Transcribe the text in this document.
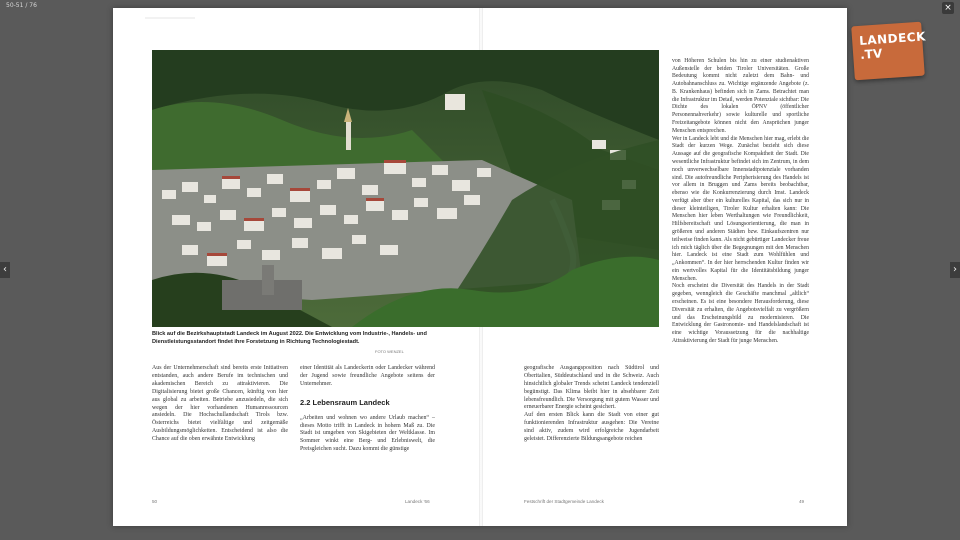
50-51 / 76	×
‹	›
Blick auf die Bezirkshauptstadt Landeck im August 2022. Die Entwicklung vom Industrie-, Handels- und Dienstleistungsstandort findet ihre Forstetzung in Richtung Technologiestadt.
FOTO WENZEL

Aus der Unternehmerschaft sind bereits erste Initiativen entstanden, auch andere Berufe im technischen und akademischen Bereich zu attraktivieren. Die Digitalisierung bietet große Chancen, künftig von hier aus global zu arbeiten. Betriebe anzusiedeln, die sich wegen der hier vorhandenen Humanressourcen ansiedeln. Die Hochschullandschaft Tirols bzw. Österreichs bietet vielfältige und zeitgemäße Ausbildungsmöglichkeiten. Entscheidend ist also die Chance auf die oben erwähnte Entwicklung

einer Identität als Landeckerin oder Landecker während der Jugend sowie freundliche Angebote seitens der Unternehmer.

2.2 Lebensraum Landeck

„Arbeiten und wohnen wo andere Urlaub machen“ – dieses Motto trifft in Landeck in hohem Maß zu. Die Stadt ist umgeben von Skigebieten der Weltklasse. Im Sommer winkt eine Berg- und Erlebniswelt, die Preisgleichen sucht. Dazu kommt die günstige

geografische Ausgangsposition nach Südtirol und Oberitalien, Süddeutschland und in die Schweiz. Auch hinsichtlich globaler Trends scheint Landeck tendenziell begünstigt. Das Klima bleibt hier in absehbarer Zeit lebensfreundlich. Die Versorgung mit gutem Wasser und erneuerbarer Energie scheint gesichert.
Auf den ersten Blick kann die Stadt von einer gut funktionierenden Infrastruktur ausgehen: Die Vereine sind aktiv, zudem wird erfolgreiche Jugendarbeit geleistet. Differenzierte Bildungsangebote reichen

von Höheren Schulen bis hin zu einer studienaktiven Außenstelle der beiden Tiroler Universitäten. Große Bedeutung kommt nicht zuletzt dem Bahn- und Autobahnanschluss zu. Wichtige ergänzende Angebote (z. B. Krankenhaus) befinden sich in Zams. Betrachtet man die Infrastruktur im Detail, werden Potenziale sichtbar: Die Dichte des lokalen ÖPNV (öffentlicher Personennahverkehr) sowie kulturelle und sportliche Freizeitangebote können nicht den Ansprüchen junger Menschen entsprechen.
Wer in Landeck lebt und die Menschen hier mag, erlebt die Stadt der kurzen Wege. Zunächst bezieht sich diese Aussage auf die geografische Kompaktheit der Stadt. Die wesentliche Infrastruktur befindet sich im Zentrum, in dem noch unverwechselbare Innenstadtpotenziale vorhanden sind. Die autofreundliche Peripherisierung des Handels ist vor allem in Bruggen und Zams bereits beobachtbar, ebenso wie die Konkurrenzierung durch Imst. Landeck verfügt aber über ein kulturelles Kapital, das sich nur in dieser kleinteiligen, Tiroler Kultur erhalten kann: Die Menschen hier leben Werthaltungen wie Freundlichkeit, Hilfsbereitschaft und Lösungsorientierung, die man in größeren und anderen Städten bzw. Einkaufszentren nur teilweise finden kann. Als nicht gebürtiger Landecker freue ich mich täglich über die Begegnungen mit den Menschen hier. Landeck ist eine Stadt zum Wohlfühlen und „Ankommen“. In der hier herrschenden Kultur finden wir ein wertvolles Kapital für die Identitätsbildung junger Menschen.
Noch erscheint die Diversität des Handels in der Stadt gegeben, wenngleich die Geschäfte manchmal „altlich“ erscheinen. Es ist eine besondere Herausforderung, diese Diversität zu erhalten, die Angebotsvielfalt zu vergrößern und das Erscheinungsbild zu modernisieren. Die Entwicklung der Gastronomie- und Handelslandschaft ist eine wichtige Voraussetzung für die nachhaltige Attraktivierung der Stadt für junge Menschen.

50	Landeck '66	Festschrift der Stadtgemeinde Landeck	49
LANDECK
.TV
